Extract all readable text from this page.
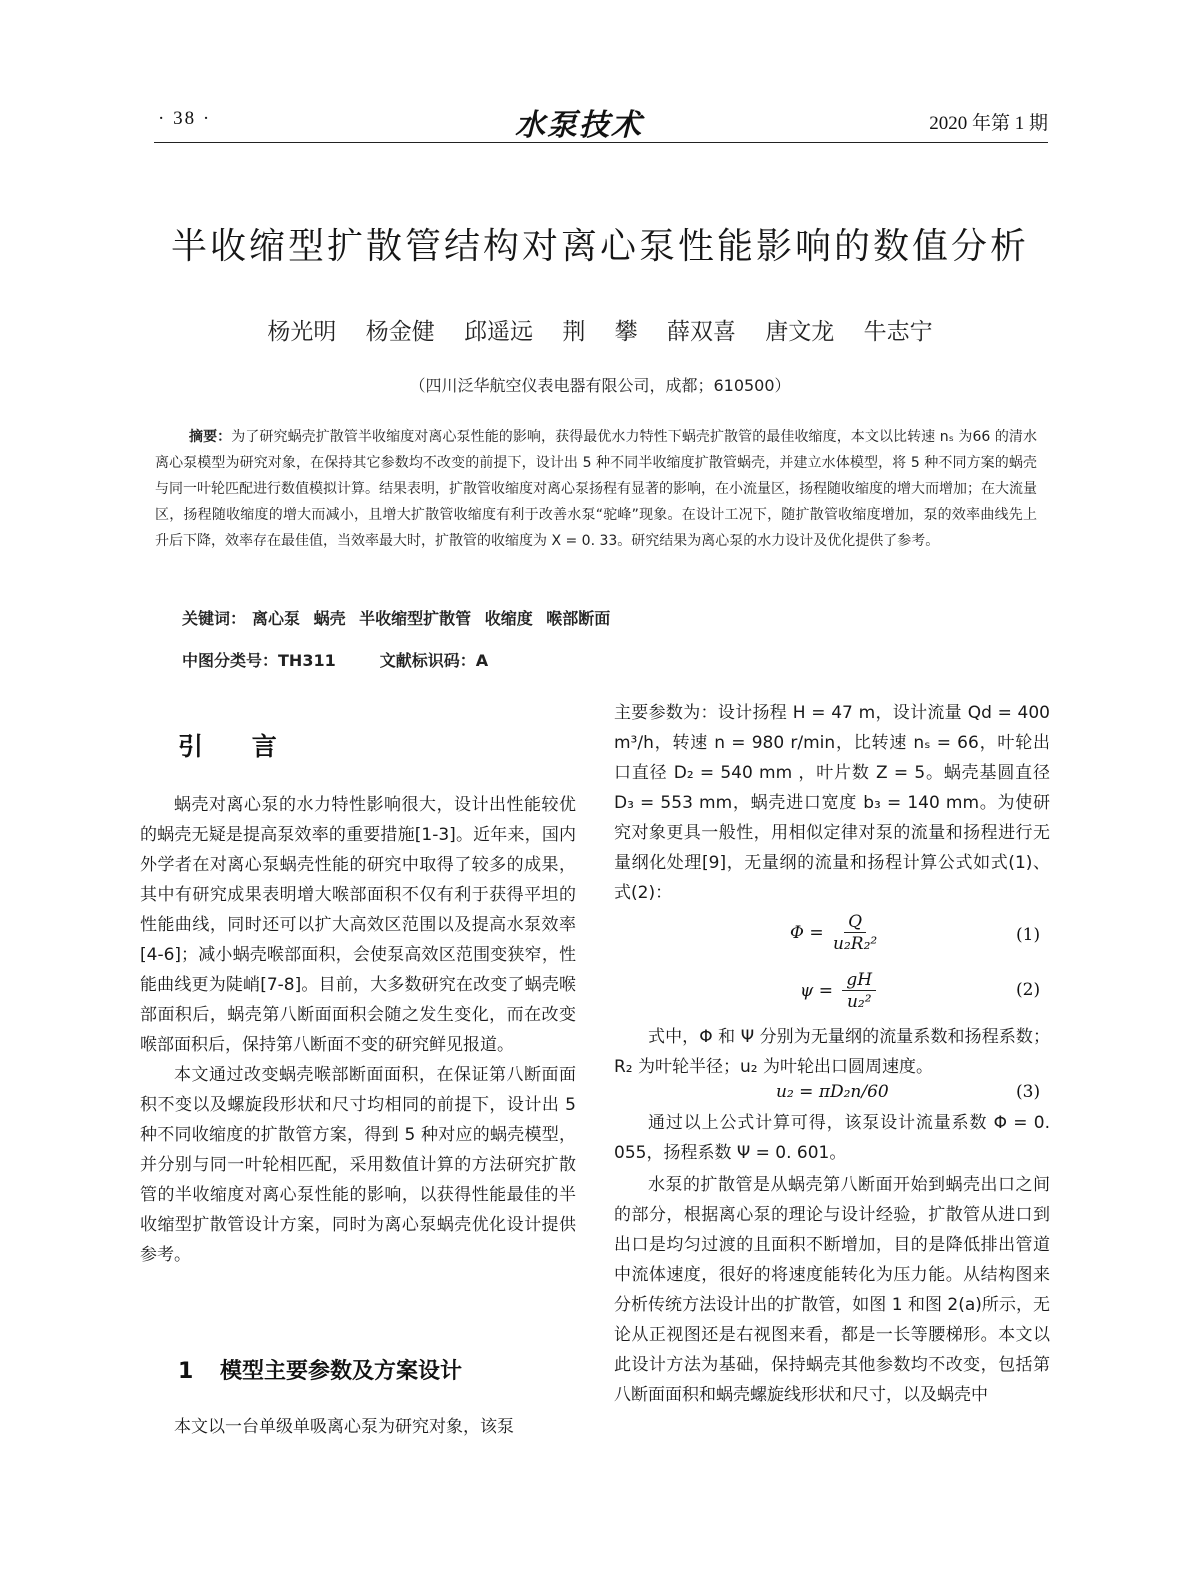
· 38 ·	水泵技术	2020 年第 1 期
半收缩型扩散管结构对离心泵性能影响的数值分析
杨光明 杨金健 邱遥远 荆 攀 薛双喜 唐文龙 牛志宁
（四川泛华航空仪表电器有限公司，成都；610500）
摘要：为了研究蜗壳扩散管半收缩度对离心泵性能的影响，获得最优水力特性下蜗壳扩散管的最佳收缩度，本文以比转速 nₛ 为66 的清水离心泵模型为研究对象，在保持其它参数均不改变的前提下，设计出 5 种不同半收缩度扩散管蜗壳，并建立水体模型，将 5 种不同方案的蜗壳与同一叶轮匹配进行数值模拟计算。结果表明，扩散管收缩度对离心泵扬程有显著的影响，在小流量区，扬程随收缩度的增大而增加；在大流量区，扬程随收缩度的增大而减小，且增大扩散管收缩度有利于改善水泵“驼峰”现象。在设计工况下，随扩散管收缩度增加，泵的效率曲线先上升后下降，效率存在最佳值，当效率最大时，扩散管的收缩度为 X = 0. 33。研究结果为离心泵的水力设计及优化提供了参考。
关键词： 离心泵 蜗壳 半收缩型扩散管 收缩度 喉部断面
中图分类号：TH311	文献标识码：A
引 言

蜗壳对离心泵的水力特性影响很大，设计出性能较优的蜗壳无疑是提高泵效率的重要措施[1-3]。近年来，国内外学者在对离心泵蜗壳性能的研究中取得了较多的成果，其中有研究成果表明增大喉部面积不仅有利于获得平坦的性能曲线，同时还可以扩大高效区范围以及提高水泵效率[4-6]；减小蜗壳喉部面积，会使泵高效区范围变狭窄，性能曲线更为陡峭[7-8]。目前，大多数研究在改变了蜗壳喉部面积后，蜗壳第八断面面积会随之发生变化，而在改变喉部面积后，保持第八断面不变的研究鲜见报道。

本文通过改变蜗壳喉部断面面积，在保证第八断面面积不变以及螺旋段形状和尺寸均相同的前提下，设计出 5 种不同收缩度的扩散管方案，得到 5 种对应的蜗壳模型，并分别与同一叶轮相匹配，采用数值计算的方法研究扩散管的半收缩度对离心泵性能的影响，以获得性能最佳的半收缩型扩散管设计方案，同时为离心泵蜗壳优化设计提供参考。

1 模型主要参数及方案设计

本文以一台单级单吸离心泵为研究对象，该泵

主要参数为：设计扬程 H = 47 m，设计流量 Qd = 400 m³/h，转速 n = 980 r/min，比转速 nₛ = 66，叶轮出口直径 D₂ = 540 mm ，叶片数 Z = 5。蜗壳基圆直径 D₃ = 553 mm，蜗壳进口宽度 b₃ = 140 mm。为使研究对象更具一般性，用相似定律对泵的流量和扬程进行无量纲化处理[9]，无量纲的流量和扬程计算公式如式(1)、式(2)：

$\Phi = \frac{Q}{\text{u₂R₂²}}$	(1)
$\psi = \frac{gH}{\text{u₂²}}$	(2)

式中，Φ 和 Ψ 分别为无量纲的流量系数和扬程系数；R₂ 为叶轮半径；u₂ 为叶轮出口圆周速度。

u₂ = πD₂n/60	(3)

通过以上公式计算可得，该泵设计流量系数 Φ = 0. 055，扬程系数 Ψ = 0. 601。

水泵的扩散管是从蜗壳第八断面开始到蜗壳出口之间的部分，根据离心泵的理论与设计经验，扩散管从进口到出口是均匀过渡的且面积不断增加，目的是降低排出管道中流体速度，很好的将速度能转化为压力能。从结构图来分析传统方法设计出的扩散管，如图 1 和图 2(a)所示，无论从正视图还是右视图来看，都是一长等腰梯形。本文以此设计方法为基础，保持蜗壳其他参数均不改变，包括第八断面面积和蜗壳螺旋线形状和尺寸，以及蜗壳中
